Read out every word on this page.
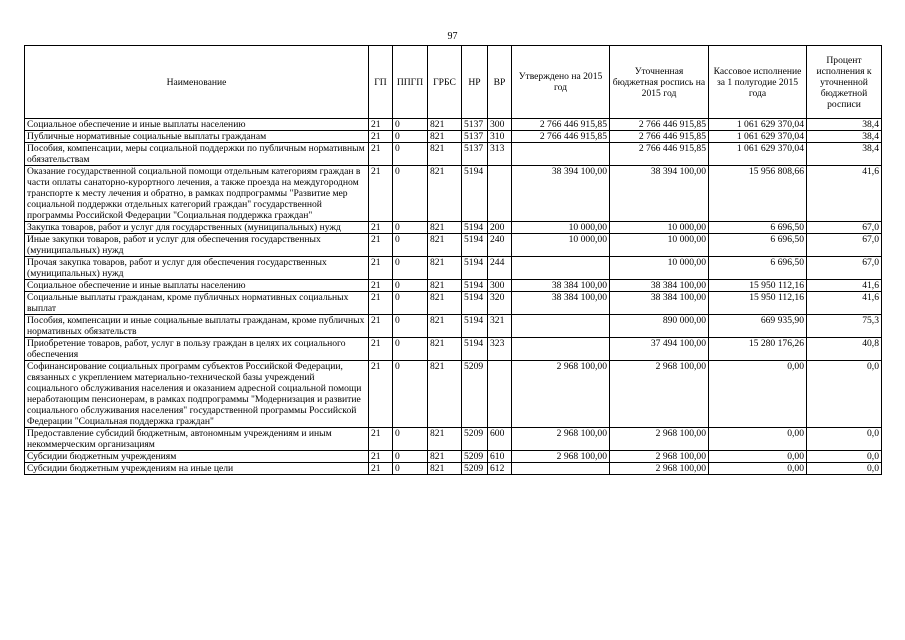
97
Наименование	ГП	ППГП	ГРБС	НР	ВР	Утверждено на 2015 год	Уточненная бюджетная роспись на 2015 год	Кассовое исполнение за 1 полугодие 2015 года	Процент исполнения к уточненной бюджетной росписи
Социальное обеспечение и иные выплаты населению	21	0	821	5137	300	2 766 446 915,85	2 766 446 915,85	1 061 629 370,04	38,4
Публичные нормативные социальные выплаты гражданам	21	0	821	5137	310	2 766 446 915,85	2 766 446 915,85	1 061 629 370,04	38,4
Пособия, компенсации, меры социальной поддержки по публичным нормативным обязательствам	21	0	821	5137	313		2 766 446 915,85	1 061 629 370,04	38,4
Оказание государственной социальной помощи отдельным категориям граждан в части оплаты санаторно-курортного лечения, а также проезда на междугородном транспорте к месту лечения и обратно, в рамках подпрограммы "Развитие мер социальной поддержки отдельных категорий граждан" государственной программы Российской Федерации "Социальная поддержка граждан"	21	0	821	5194		38 394 100,00	38 394 100,00	15 956 808,66	41,6
Закупка товаров, работ и услуг для государственных (муниципальных) нужд	21	0	821	5194	200	10 000,00	10 000,00	6 696,50	67,0
Иные закупки товаров, работ и услуг для обеспечения государственных (муниципальных) нужд	21	0	821	5194	240	10 000,00	10 000,00	6 696,50	67,0
Прочая закупка товаров, работ и услуг для обеспечения государственных (муниципальных) нужд	21	0	821	5194	244		10 000,00	6 696,50	67,0
Социальное обеспечение и иные выплаты населению	21	0	821	5194	300	38 384 100,00	38 384 100,00	15 950 112,16	41,6
Социальные выплаты гражданам, кроме публичных нормативных социальных выплат	21	0	821	5194	320	38 384 100,00	38 384 100,00	15 950 112,16	41,6
Пособия, компенсации и иные социальные выплаты гражданам, кроме публичных нормативных обязательств	21	0	821	5194	321		890 000,00	669 935,90	75,3
Приобретение товаров, работ, услуг в пользу граждан в целях их социального обеспечения	21	0	821	5194	323		37 494 100,00	15 280 176,26	40,8
Софинансирование социальных программ субъектов Российской Федерации, связанных с укреплением материально-технической базы учреждений социального обслуживания населения и оказанием адресной социальной помощи неработающим пенсионерам, в рамках подпрограммы "Модернизация и развитие социального обслуживания населения" государственной программы Российской Федерации "Социальная поддержка граждан"	21	0	821	5209		2 968 100,00	2 968 100,00	0,00	0,0
Предоставление субсидий бюджетным, автономным учреждениям и иным некоммерческим организациям	21	0	821	5209	600	2 968 100,00	2 968 100,00	0,00	0,0
Субсидии бюджетным учреждениям	21	0	821	5209	610	2 968 100,00	2 968 100,00	0,00	0,0
Субсидии бюджетным учреждениям на иные цели	21	0	821	5209	612		2 968 100,00	0,00	0,0
